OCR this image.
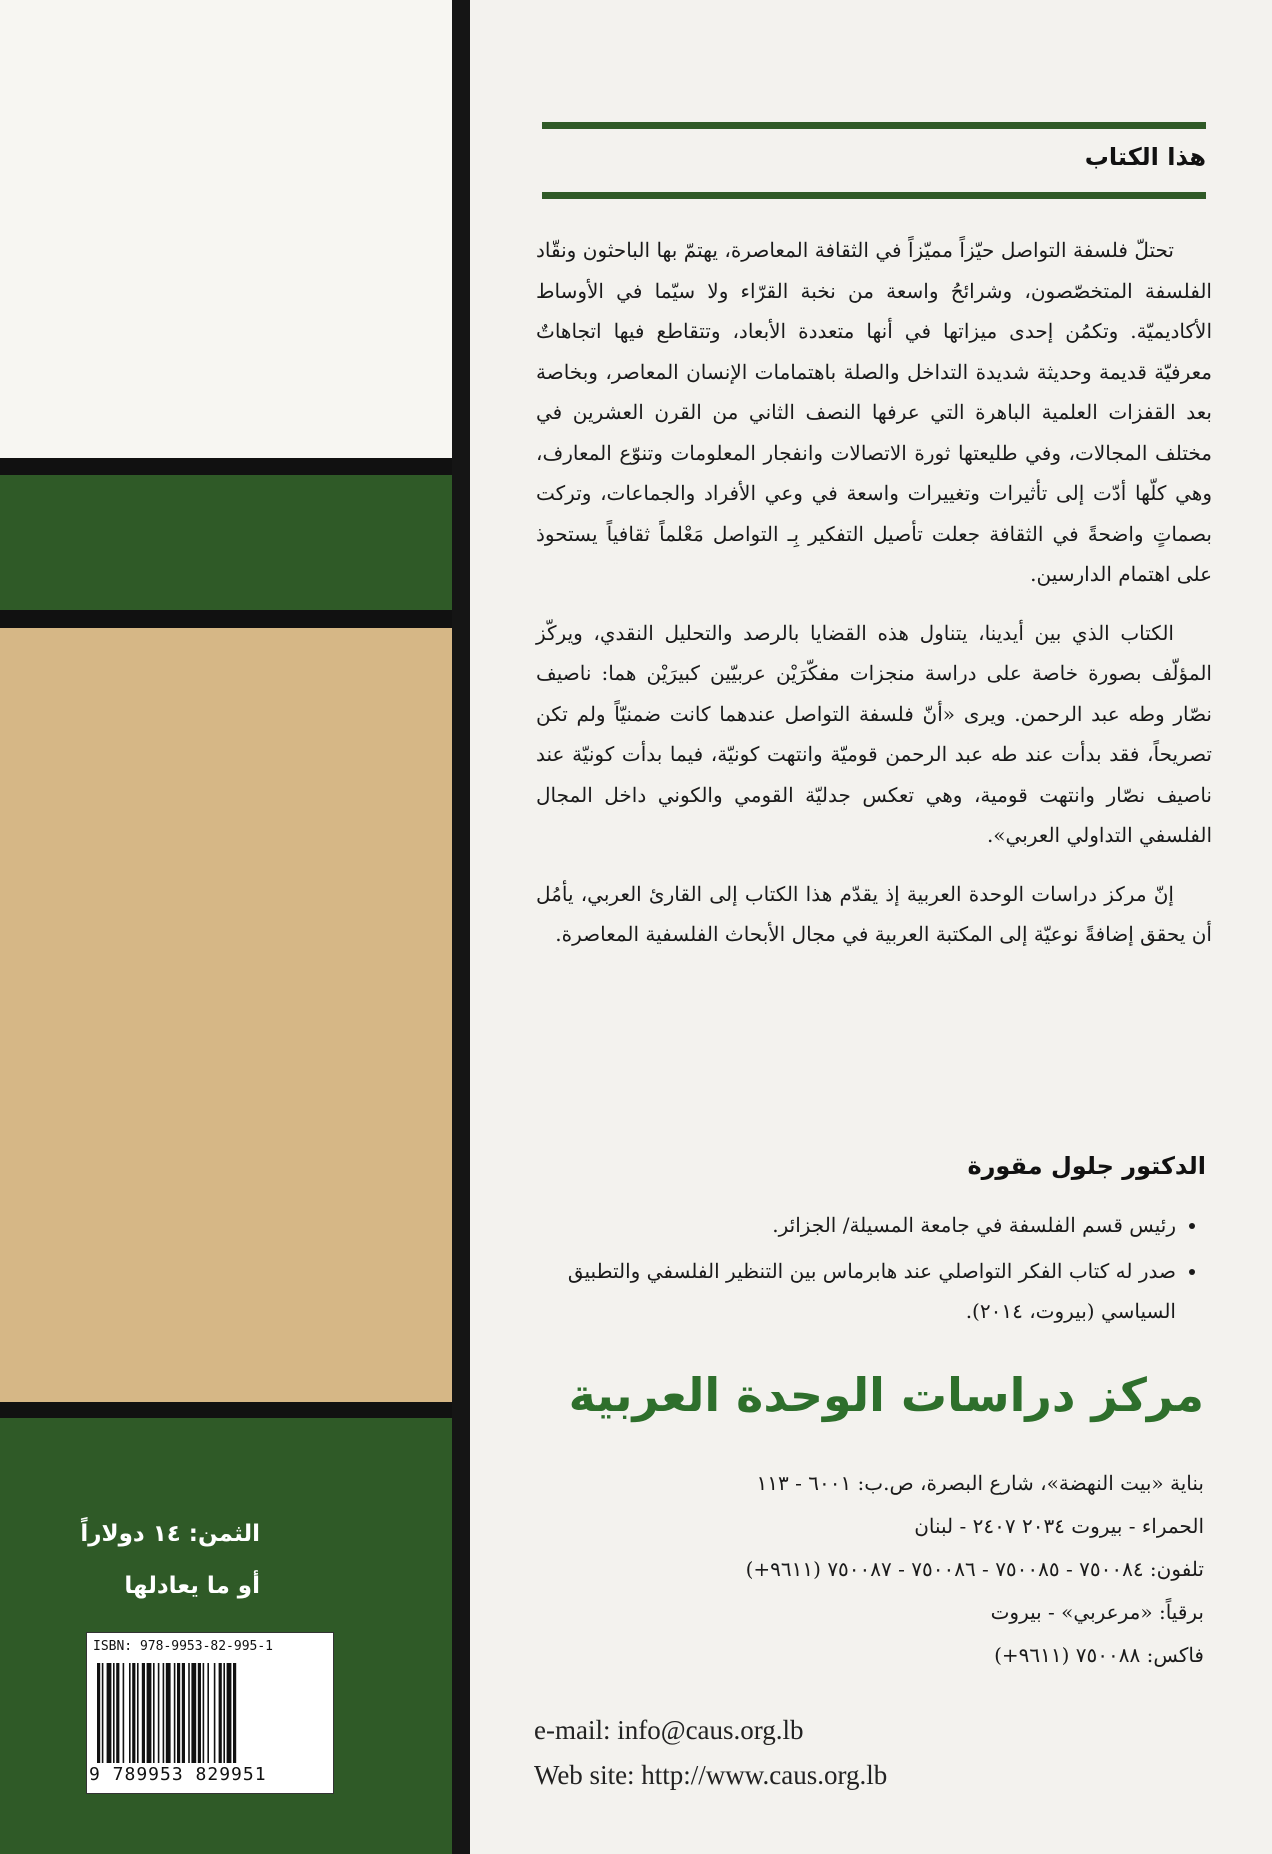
الثمن: ١٤ دولاراً
أو ما يعادلها
ISBN: 978-9953-82-995-1
9 789953 829951
هذا الكتاب

تحتلّ فلسفة التواصل حيّزاً مميّزاً في الثقافة المعاصرة، يهتمّ بها الباحثون ونقّاد الفلسفة المتخصّصون، وشرائحُ واسعة من نخبة القرّاء ولا سيّما في الأوساط الأكاديميّة. وتكمُن إحدى ميزاتها في أنها متعددة الأبعاد، وتتقاطع فيها اتجاهاتٌ معرفيّة قديمة وحديثة شديدة التداخل والصلة باهتمامات الإنسان المعاصر، وبخاصة بعد القفزات العلمية الباهرة التي عرفها النصف الثاني من القرن العشرين في مختلف المجالات، وفي طليعتها ثورة الاتصالات وانفجار المعلومات وتنوّع المعارف، وهي كلّها أدّت إلى تأثيرات وتغييرات واسعة في وعي الأفراد والجماعات، وتركت بصماتٍ واضحةً في الثقافة جعلت تأصيل التفكير بِـ التواصل مَعْلماً ثقافياً يستحوذ على اهتمام الدارسين.

الكتاب الذي بين أيدينا، يتناول هذه القضايا بالرصد والتحليل النقدي، ويركّز المؤلّف بصورة خاصة على دراسة منجزات مفكّرَيْن عربيّين كبيرَيْن هما: ناصيف نصّار وطه عبد الرحمن. ويرى «أنّ فلسفة التواصل عندهما كانت ضمنيّاً ولم تكن تصريحاً، فقد بدأت عند طه عبد الرحمن قوميّة وانتهت كونيّة، فيما بدأت كونيّة عند ناصيف نصّار وانتهت قومية، وهي تعكس جدليّة القومي والكوني داخل المجال الفلسفي التداولي العربي».

إنّ مركز دراسات الوحدة العربية إذ يقدّم هذا الكتاب إلى القارئ العربي، يأمُل أن يحقق إضافةً نوعيّة إلى المكتبة العربية في مجال الأبحاث الفلسفية المعاصرة.

الدكتور جلول مقورة
• رئيس قسم الفلسفة في جامعة المسيلة/ الجزائر.
• صدر له كتاب الفكر التواصلي عند هابرماس بين التنظير الفلسفي والتطبيق السياسي (بيروت، ٢٠١٤).
مركز دراسات الوحدة العربية
بناية «بيت النهضة»، شارع البصرة، ص.ب: ٦٠٠١ - ١١٣
الحمراء - بيروت ٢٠٣٤ ٢٤٠٧ - لبنان
تلفون: ٧٥٠٠٨٤ - ٧٥٠٠٨٥ - ٧٥٠٠٨٦ - ٧٥٠٠٨٧ (٩٦١١+)
برقياً: «مرعربي» - بيروت
فاكس: ٧٥٠٠٨٨ (٩٦١١+)
e-mail: info@caus.org.lb
Web site: http://www.caus.org.lb
